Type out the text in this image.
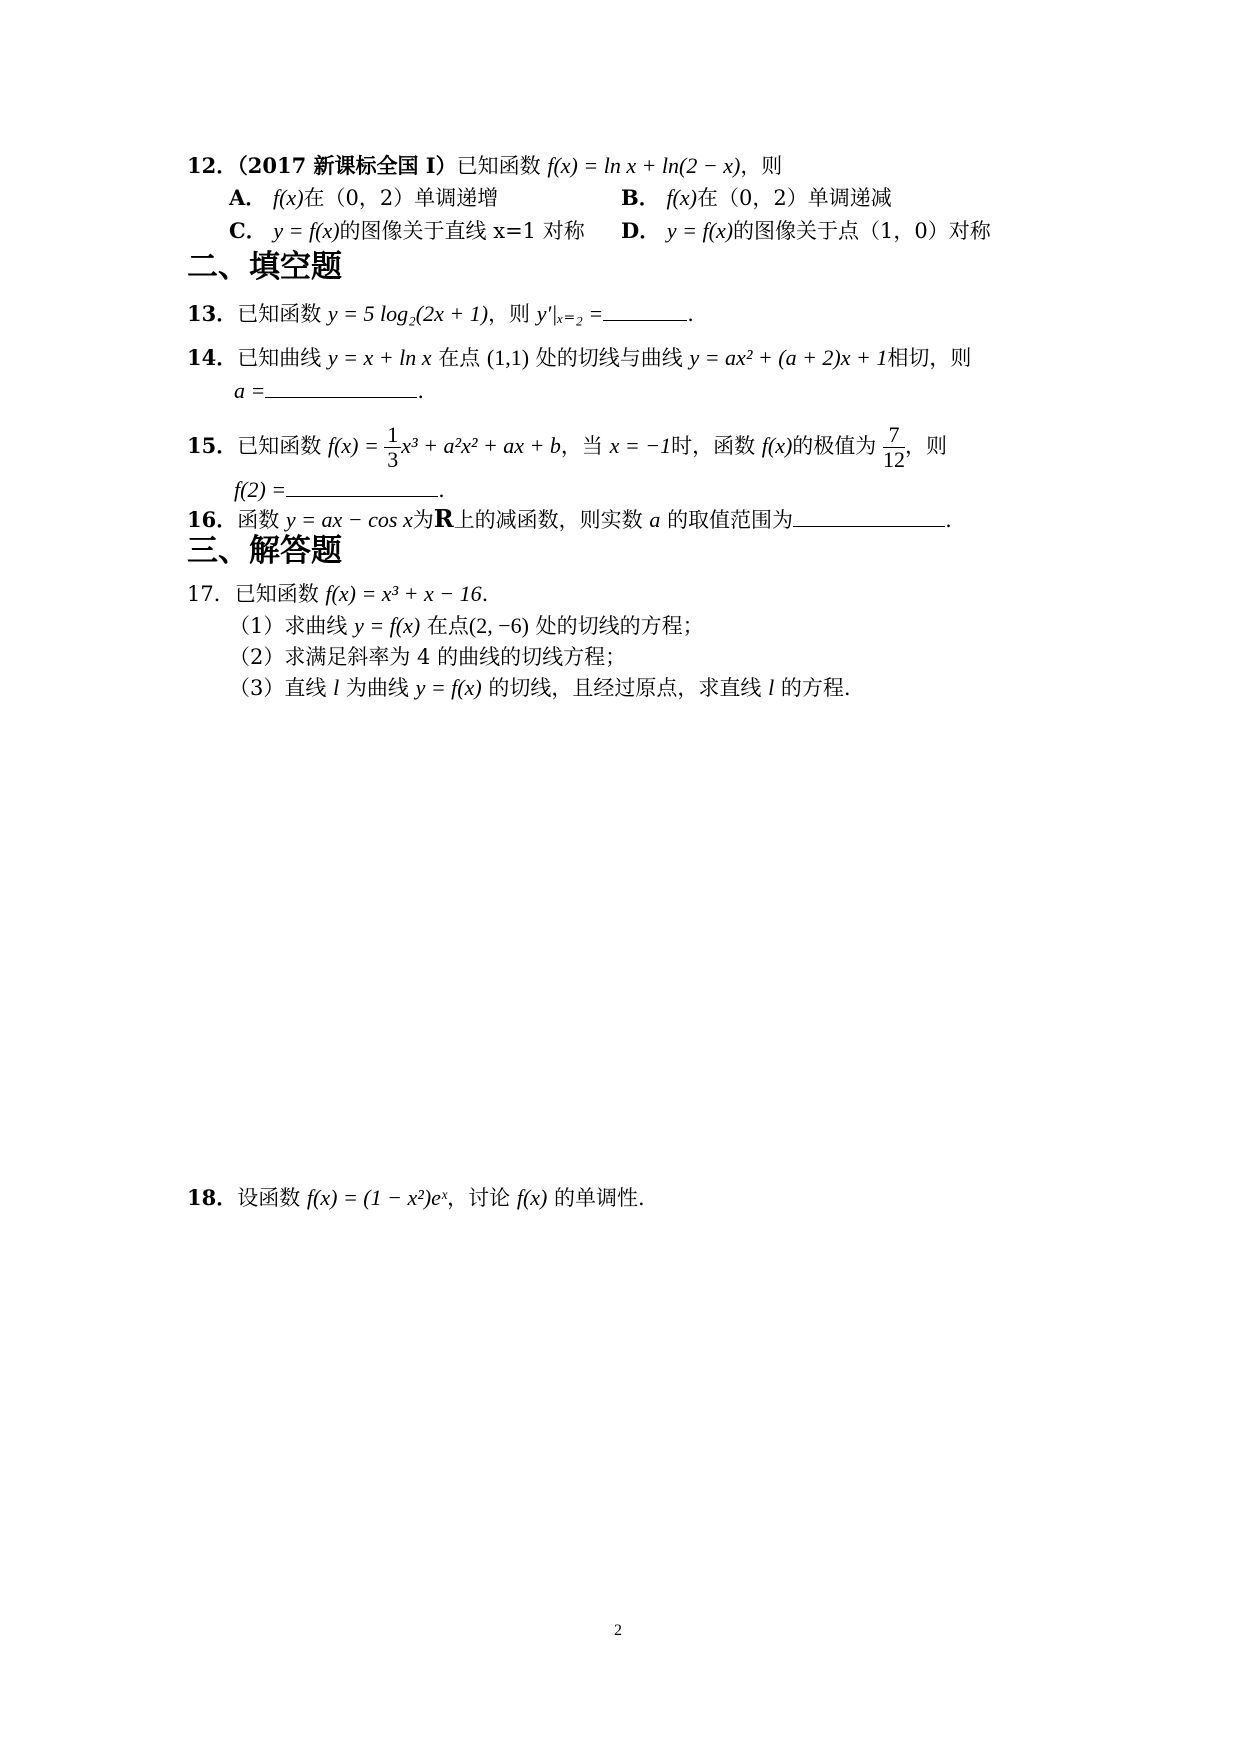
12．（2017 新课标全国 I）已知函数 f(x) = ln x + ln(2 − x)，则
A． f(x)在（0，2）单调递增	B． f(x)在（0，2）单调递减
C． y = f(x)的图像关于直线 x=1 对称 D． y = f(x)的图像关于点（1，0）对称
二、填空题
13．已知函数 y = 5 log₂(2x + 1)，则 y′|ₓ₌₂ =	.
14．已知曲线 y = x + ln x 在点 (1,1) 处的切线与曲线 y = ax² + (a + 2)x + 1相切，则
a =	.
15．已知函数 $f(x) = \frac{1}{3} x^3 + a^2x^2$ + ax + b，当 x = −1时，函数 f(x)的极值为 $\frac{7}{12}$ ，则
f(2) =	.
16．函数 y = ax − cos x为R上的减函数，则实数 a 的取值范围为	.
三、解答题
17．已知函数 f(x) = x³ + x − 16.
（1）求曲线 y = f(x) 在点(2, −6) 处的切线的方程；
（2）求满足斜率为 4 的曲线的切线方程；
（3）直线 l 为曲线 y = f(x) 的切线，且经过原点，求直线 l 的方程.
18．设函数 f(x) = (1 − x²)eˣ，讨论 f(x) 的单调性.
2
